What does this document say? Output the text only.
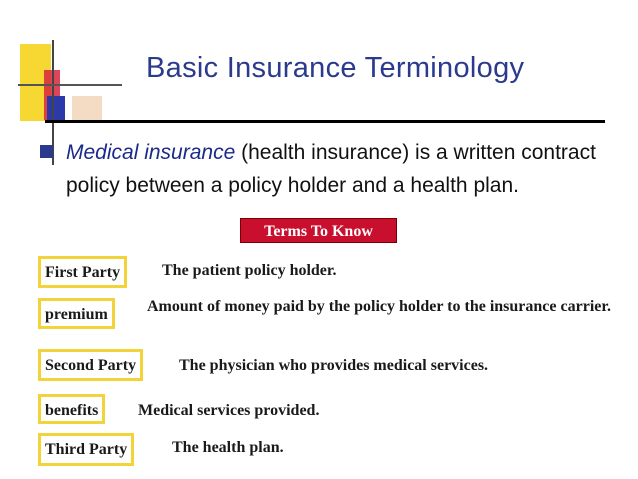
Basic Insurance Terminology
Medical insurance (health insurance) is a written contract policy between a policy holder and a health plan.
Terms To Know
First Party	The patient policy holder.
premium	Amount of money paid by the policy holder to the insurance carrier.
Second Party	The physician who provides medical services.
benefits	Medical services provided.
Third Party	The health plan.
